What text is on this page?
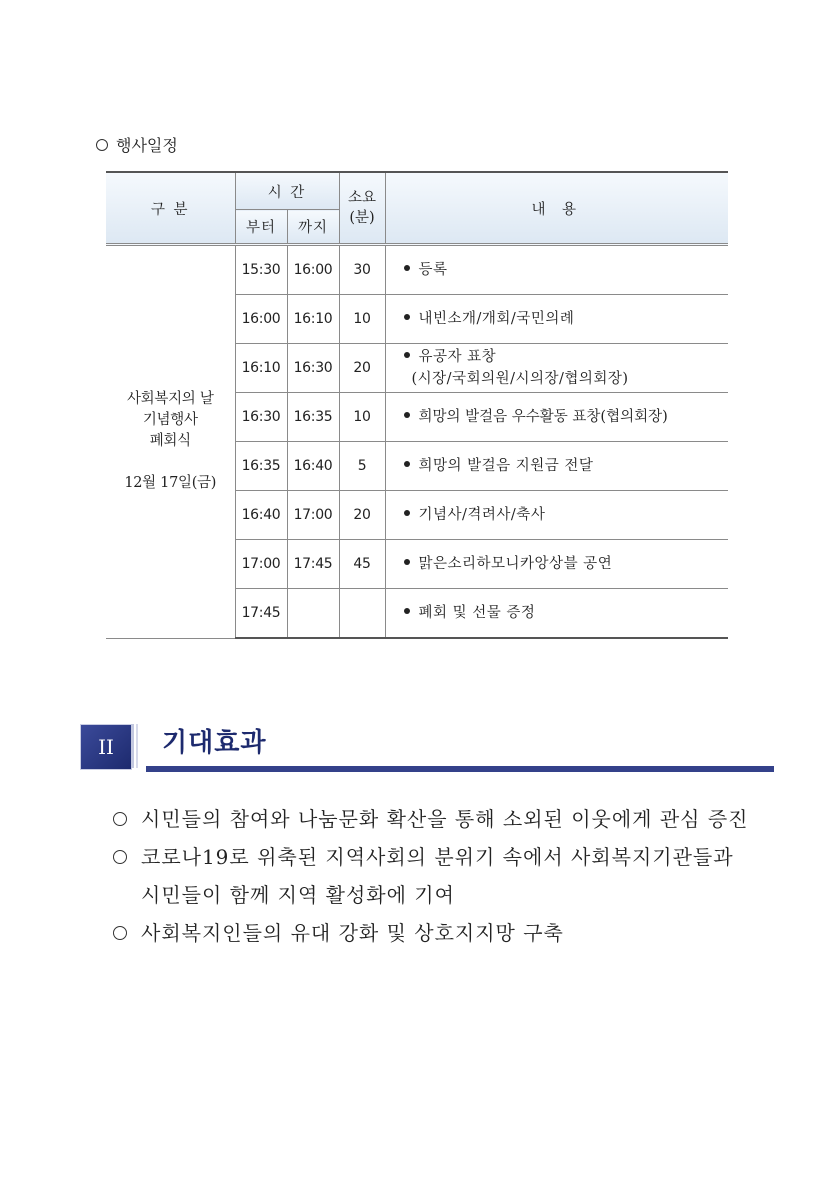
행사일정
구 분	시 간		소요 (분)	내 용
	부터	까지		

사회복지의 날
기념행사
폐회식
12월 17일(금)	15:30	16:00	30	등록
	16:00	16:10	10	내빈소개/개회/국민의례
	16:10	16:30	20	유공자 표창
(시장/국회의원/시의장/협의회장)

	16:30	16:35	10	희망의 발걸음 우수활동 표창(협의회장)
	16:35	16:40	5	희망의 발걸음 지원금 전달
	16:40	17:00	20	기념사/격려사/축사
	17:00	17:45	45	맑은소리하모니카앙상블 공연
	17:45			폐회 및 선물 증정
II	기대효과
시민들의 참여와 나눔문화 확산을 통해 소외된 이웃에게 관심 증진
코로나19로 위축된 지역사회의 분위기 속에서 사회복지기관들과
시민들이 함께 지역 활성화에 기여
사회복지인들의 유대 강화 및 상호지지망 구축
